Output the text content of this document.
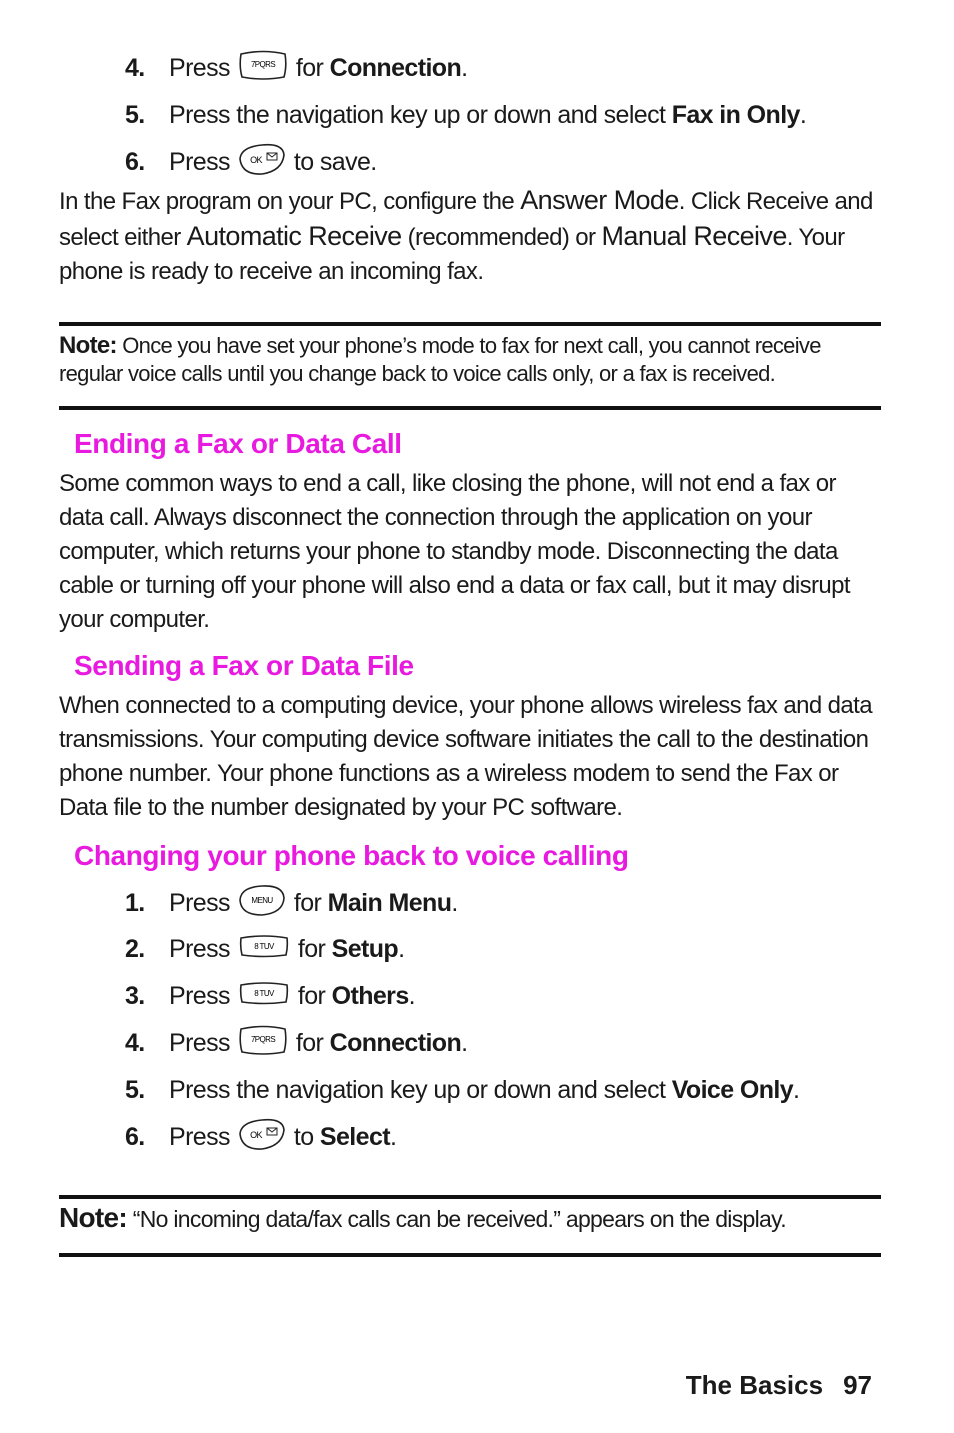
4. Press	7PQRS for
Connection .
5. Press the navigation key up or down and select
Fax in Only .
6. Press OK to save.

In the Fax program on your PC, configure the Answer Mode. Click Receive and select either Automatic Receive (recommended) or Manual Receive. Your phone is ready to receive an incoming fax.

Note: Once you have set your phone’s mode to fax for next call, you cannot receive regular voice calls until you change back to voice calls only, or a fax is received.

Ending a Fax or Data Call

Some common ways to end a call, like closing the phone, will not end a fax or data call. Always disconnect the connection through the application on your computer, which returns your phone to standby mode. Disconnecting the data cable or turning off your phone will also end a data or fax call, but it may disrupt your computer.

Sending a Fax or Data File

When connected to a computing device, your phone allows wireless fax and data transmissions. Your computing device software initiates the call to the destination phone number. Your phone functions as a wireless modem to send the Fax or Data file to the number designated by your PC software.

Changing your phone back to voice calling
1. Press	MENU for
Main Menu .
2. Press	8 TUV for
Setup .
3. Press	8 TUV for
Others .
4. Press	7PQRS for
Connection .
5. Press the navigation key up or down and select
Voice Only .
6. Press OK to
Select .

Note: “No incoming data/fax calls can be received.” appears on the display.

The Basics 97
